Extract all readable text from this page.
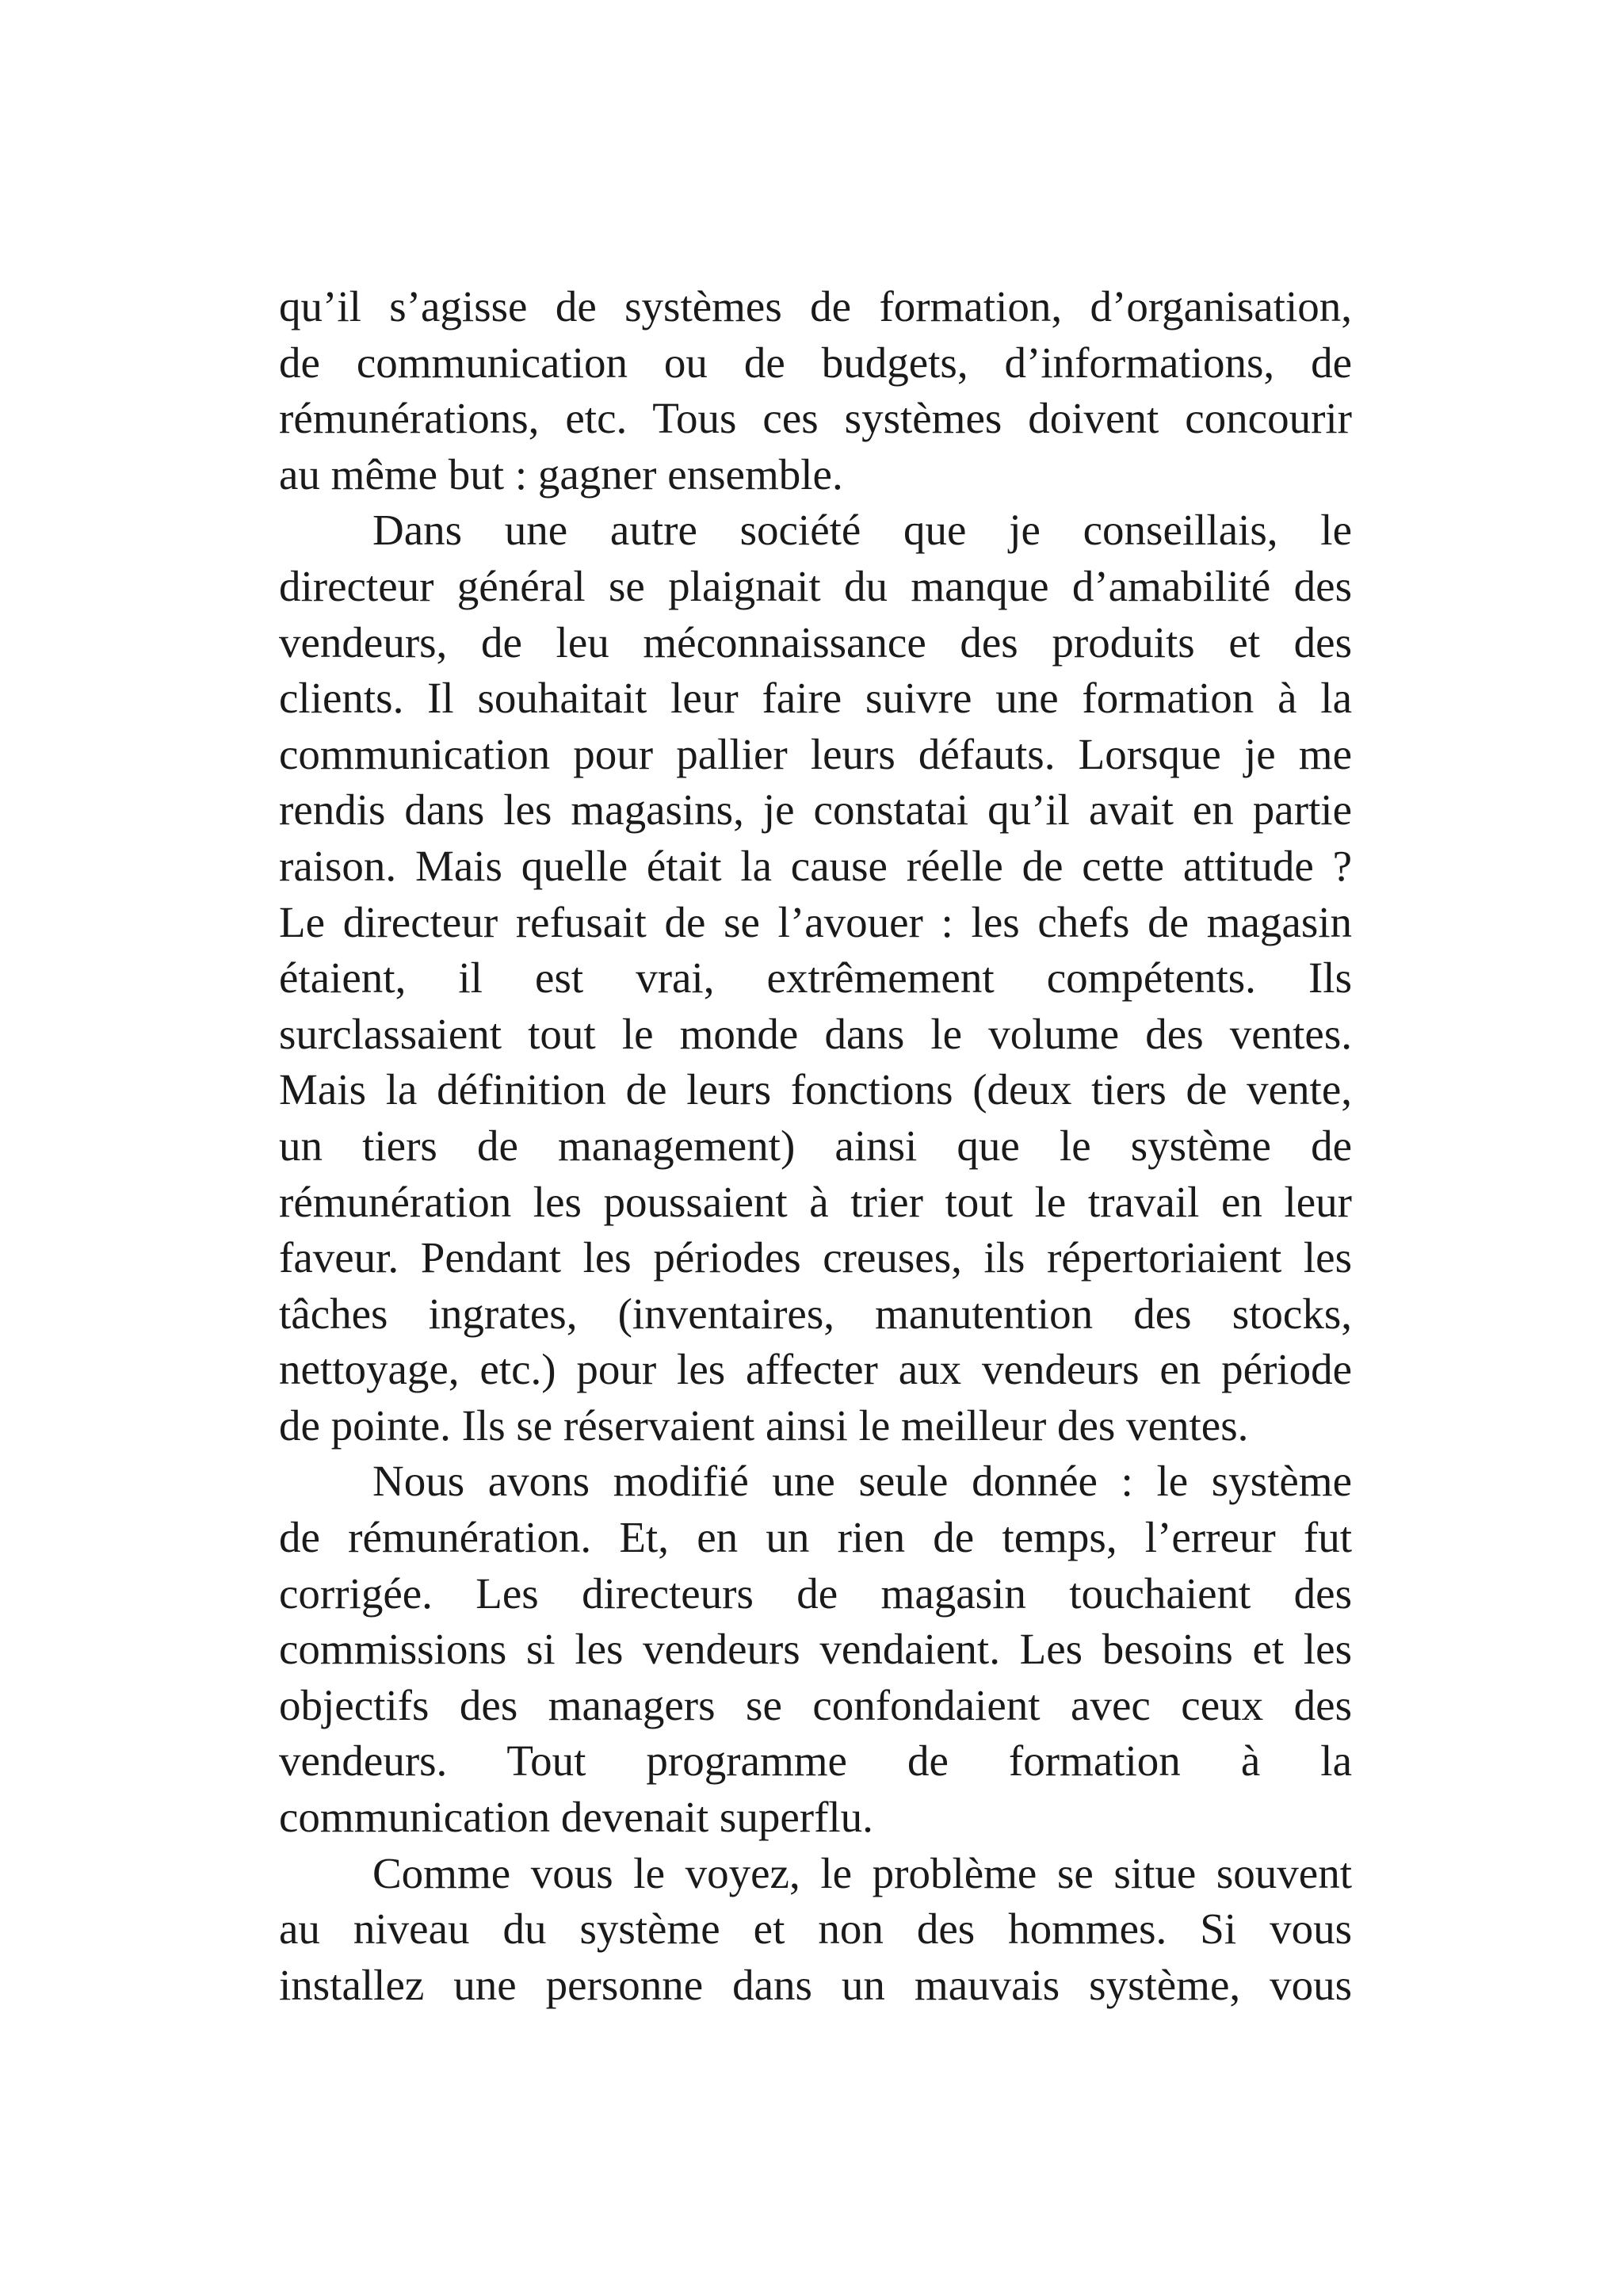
qu’il s’agisse de systèmes de formation, d’organisation,
de communication ou de budgets, d’informations, de
rémunérations, etc. Tous ces systèmes doivent concourir
au même but : gagner ensemble.
Dans une autre société que je conseillais, le
directeur général se plaignait du manque d’amabilité des
vendeurs, de leu méconnaissance des produits et des
clients. Il souhaitait leur faire suivre une formation à la
communication pour pallier leurs défauts. Lorsque je me
rendis dans les magasins, je constatai qu’il avait en partie
raison. Mais quelle était la cause réelle de cette attitude ?
Le directeur refusait de se l’avouer : les chefs de magasin
étaient, il est vrai, extrêmement compétents. Ils
surclassaient tout le monde dans le volume des ventes.
Mais la définition de leurs fonctions (deux tiers de vente,
un tiers de management) ainsi que le système de
rémunération les poussaient à trier tout le travail en leur
faveur. Pendant les périodes creuses, ils répertoriaient les
tâches ingrates, (inventaires, manutention des stocks,
nettoyage, etc.) pour les affecter aux vendeurs en période
de pointe. Ils se réservaient ainsi le meilleur des ventes.
Nous avons modifié une seule donnée : le système
de rémunération. Et, en un rien de temps, l’erreur fut
corrigée. Les directeurs de magasin touchaient des
commissions si les vendeurs vendaient. Les besoins et les
objectifs des managers se confondaient avec ceux des
vendeurs. Tout programme de formation à la
communication devenait superflu.
Comme vous le voyez, le problème se situe souvent
au niveau du système et non des hommes. Si vous
installez une personne dans un mauvais système, vous
